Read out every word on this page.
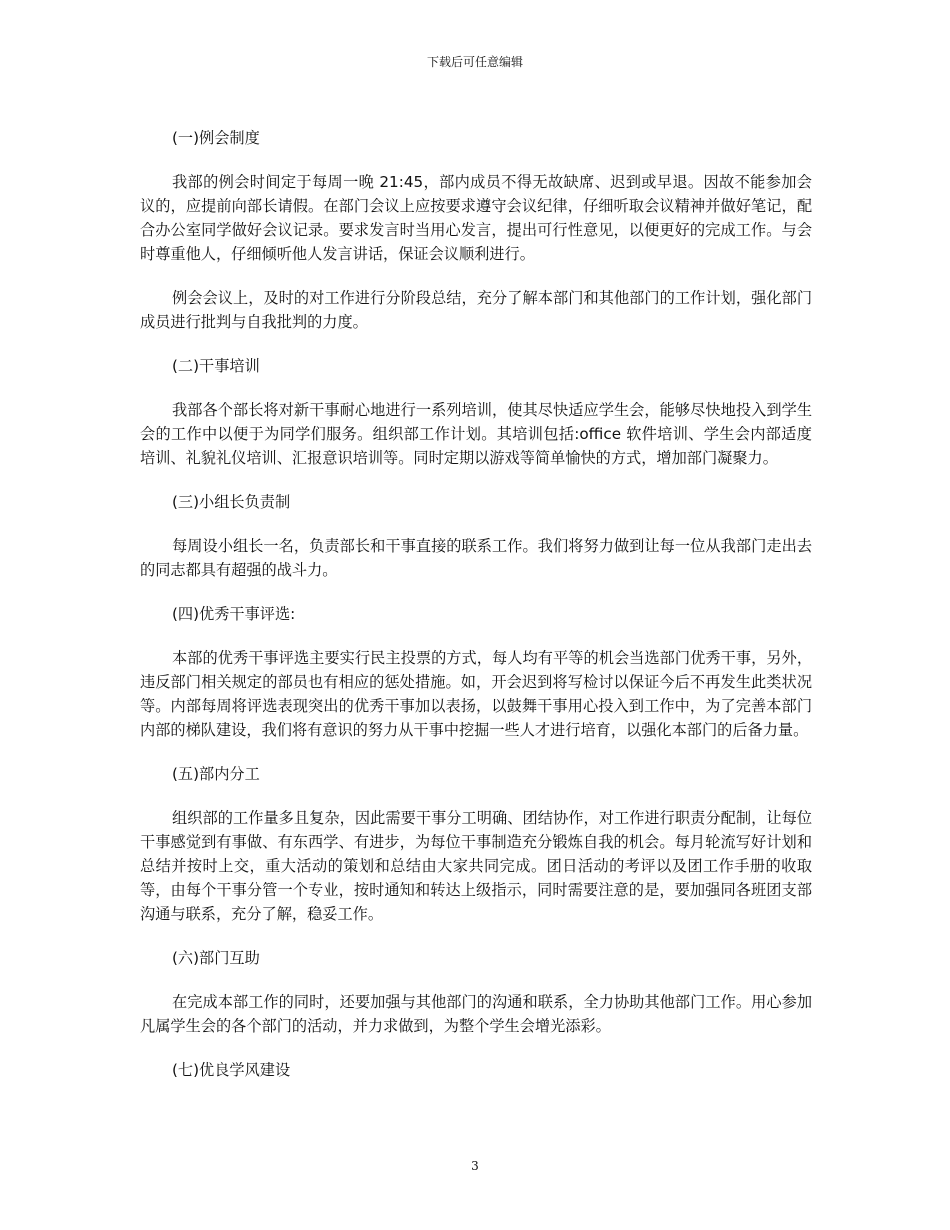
下载后可任意编辑
(一)例会制度

我部的例会时间定于每周一晚 21:45，部内成员不得无故缺席、迟到或早退。因故不能参加会议的，应提前向部长请假。在部门会议上应按要求遵守会议纪律，仔细听取会议精神并做好笔记，配合办公室同学做好会议记录。要求发言时当用心发言，提出可行性意见，以便更好的完成工作。与会时尊重他人，仔细倾听他人发言讲话，保证会议顺利进行。

例会会议上，及时的对工作进行分阶段总结，充分了解本部门和其他部门的工作计划，强化部门成员进行批判与自我批判的力度。

(二)干事培训

我部各个部长将对新干事耐心地进行一系列培训，使其尽快适应学生会，能够尽快地投入到学生会的工作中以便于为同学们服务。组织部工作计划。其培训包括:office 软件培训、学生会内部适度培训、礼貌礼仪培训、汇报意识培训等。同时定期以游戏等简单愉快的方式，增加部门凝聚力。

(三)小组长负责制

每周设小组长一名，负责部长和干事直接的联系工作。我们将努力做到让每一位从我部门走出去的同志都具有超强的战斗力。

(四)优秀干事评选:

本部的优秀干事评选主要实行民主投票的方式，每人均有平等的机会当选部门优秀干事，另外，违反部门相关规定的部员也有相应的惩处措施。如，开会迟到将写检讨以保证今后不再发生此类状况等。内部每周将评选表现突出的优秀干事加以表扬，以鼓舞干事用心投入到工作中，为了完善本部门内部的梯队建设，我们将有意识的努力从干事中挖掘一些人才进行培育，以强化本部门的后备力量。

(五)部内分工

组织部的工作量多且复杂，因此需要干事分工明确、团结协作，对工作进行职责分配制，让每位干事感觉到有事做、有东西学、有进步，为每位干事制造充分锻炼自我的机会。每月轮流写好计划和总结并按时上交，重大活动的策划和总结由大家共同完成。团日活动的考评以及团工作手册的收取等，由每个干事分管一个专业，按时通知和转达上级指示，同时需要注意的是，要加强同各班团支部沟通与联系，充分了解，稳妥工作。

(六)部门互助

在完成本部工作的同时，还要加强与其他部门的沟通和联系，全力协助其他部门工作。用心参加凡属学生会的各个部门的活动，并力求做到，为整个学生会增光添彩。

(七)优良学风建设
3
